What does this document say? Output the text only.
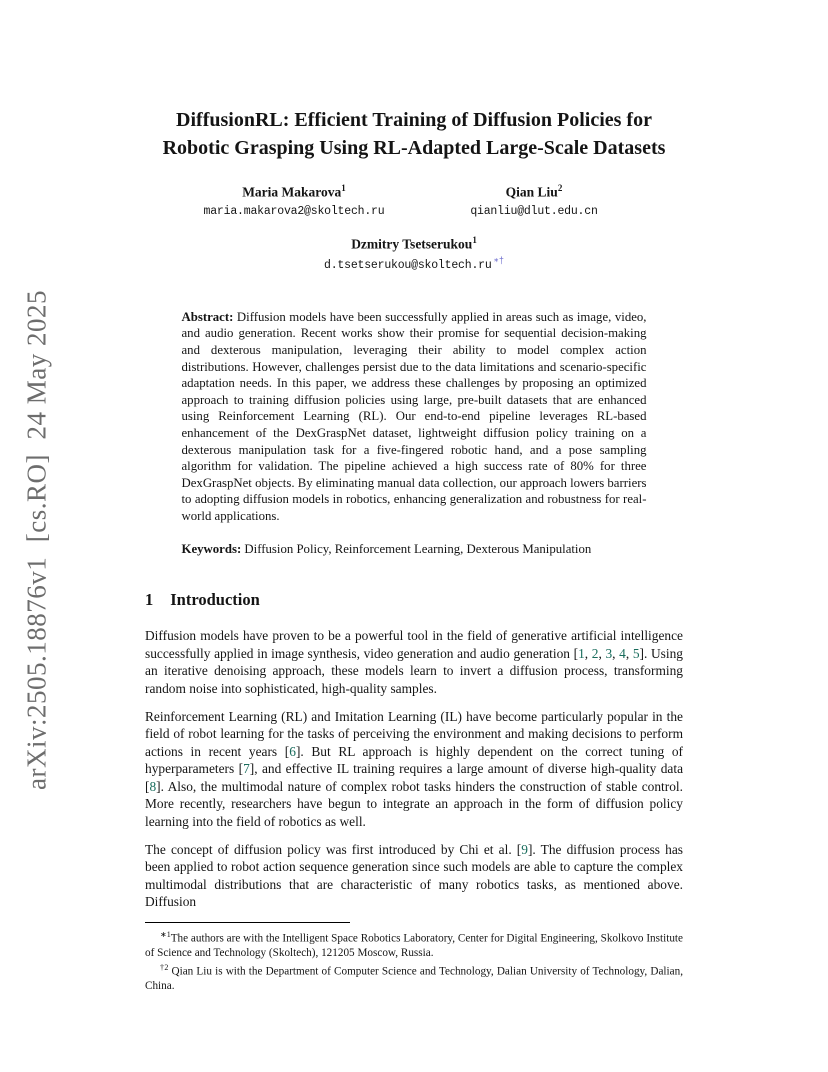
arXiv:2505.18876v1  [cs.RO]  24 May 2025
DiffusionRL: Efficient Training of Diffusion Policies for Robotic Grasping Using RL-Adapted Large-Scale Datasets
Maria Makarova$^1$
maria.makarova2@skoltech.ru
Qian Liu$^2$
qianliu@dlut.edu.cn
Dzmitry Tsetserukou$^1$
d.tsetserukou@skoltech.ru ∗†

Abstract: Diffusion models have been successfully applied in areas such as image, video, and audio generation. Recent works show their promise for sequential decision-making and dexterous manipulation, leveraging their ability to model complex action distributions. However, challenges persist due to the data limitations and scenario-specific adaptation needs. In this paper, we address these challenges by proposing an optimized approach to training diffusion policies using large, pre-built datasets that are enhanced using Reinforcement Learning (RL). Our end-to-end pipeline leverages RL-based enhancement of the DexGraspNet dataset, lightweight diffusion policy training on a dexterous manipulation task for a five-fingered robotic hand, and a pose sampling algorithm for validation. The pipeline achieved a high success rate of 80% for three DexGraspNet objects. By eliminating manual data collection, our approach lowers barriers to adopting diffusion models in robotics, enhancing generalization and robustness for real-world applications.

Keywords: Diffusion Policy, Reinforcement Learning, Dexterous Manipulation

1 Introduction

Diffusion models have proven to be a powerful tool in the field of generative artificial intelligence successfully applied in image synthesis, video generation and audio generation [1, 2, 3, 4, 5]. Using an iterative denoising approach, these models learn to invert a diffusion process, transforming random noise into sophisticated, high-quality samples.

Reinforcement Learning (RL) and Imitation Learning (IL) have become particularly popular in the field of robot learning for the tasks of perceiving the environment and making decisions to perform actions in recent years [6]. But RL approach is highly dependent on the correct tuning of hyperparameters [7], and effective IL training requires a large amount of diverse high-quality data [8]. Also, the multimodal nature of complex robot tasks hinders the construction of stable control. More recently, researchers have begun to integrate an approach in the form of diffusion policy learning into the field of robotics as well.

The concept of diffusion policy was first introduced by Chi et al. [9]. The diffusion process has been applied to robot action sequence generation since such models are able to capture the complex multimodal distributions that are characteristic of many robotics tasks, as mentioned above. Diffusion

$^{∗1}$The authors are with the Intelligent Space Robotics Laboratory, Center for Digital Engineering, Skolkovo Institute of Science and Technology (Skoltech), 121205 Moscow, Russia.

$^{\dagger 2}$ Qian Liu is with the Department of Computer Science and Technology, Dalian University of Technology, Dalian, China.
